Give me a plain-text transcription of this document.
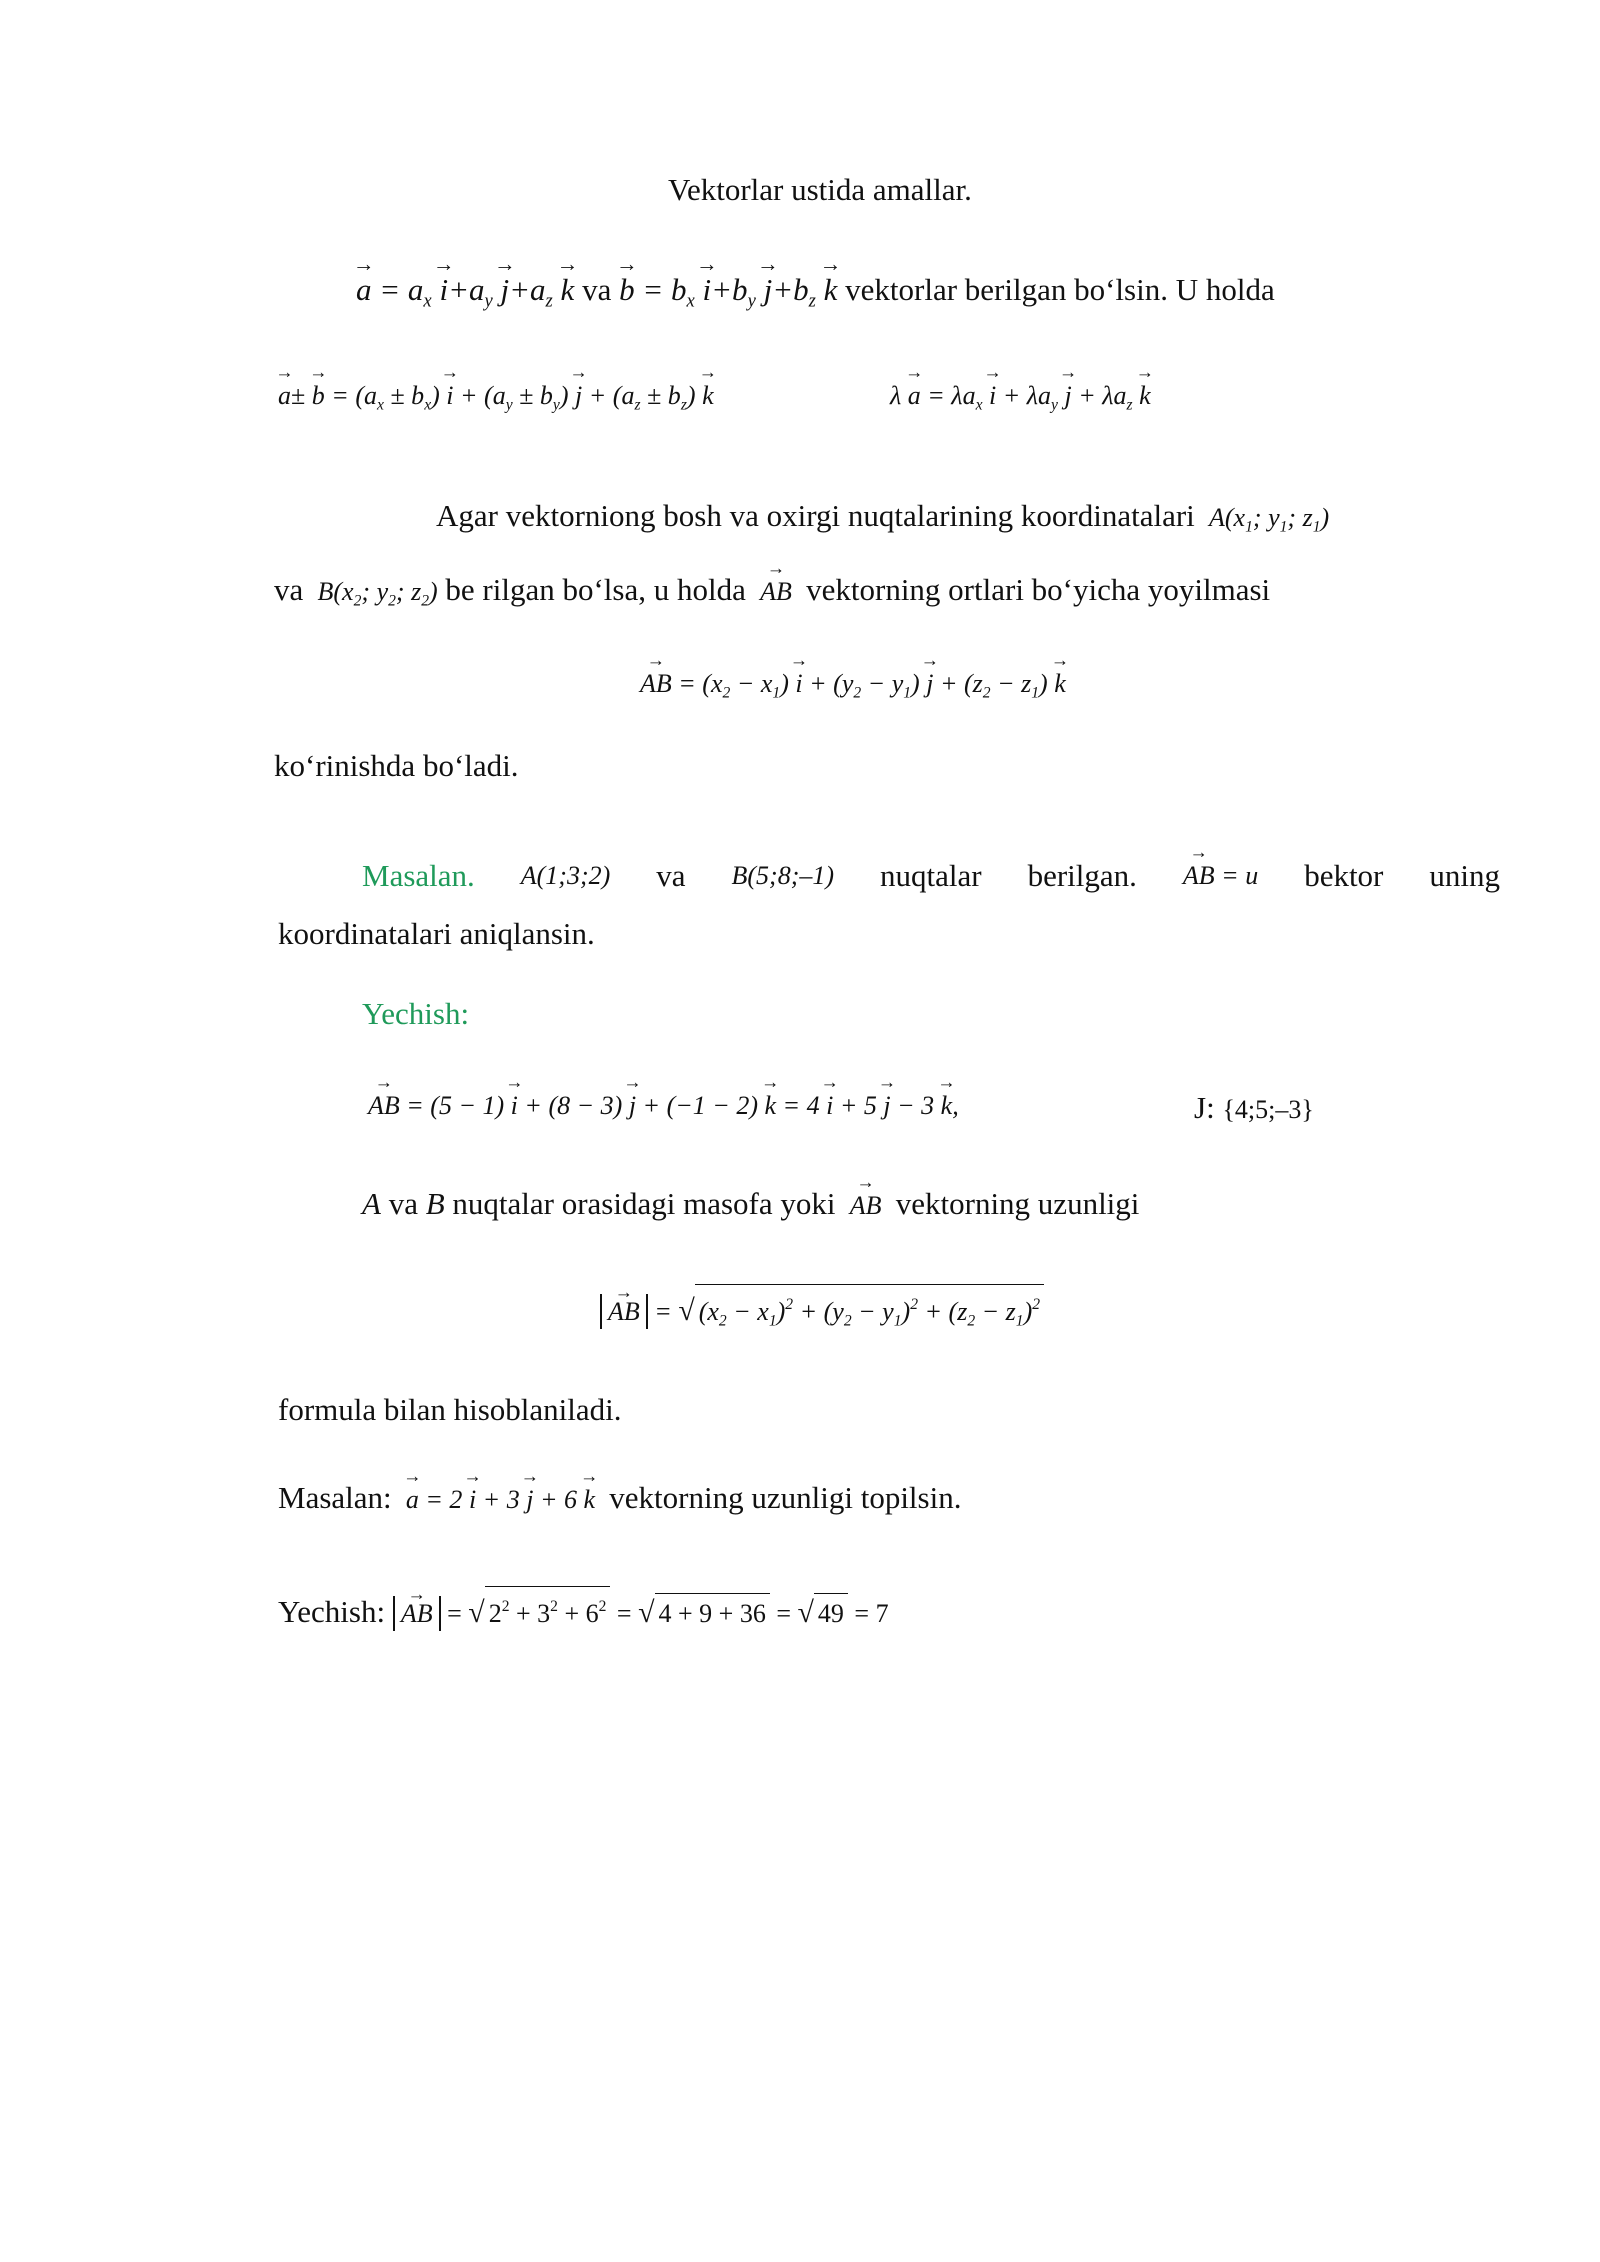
Vektorlar ustida amallar.
→ $a = a_x \to i+a_y \to j+a_z \to k$ va → $b = b_x \to i+b_y \to j+b_z \to k$ vektorlar berilgan bo‘lsin. U holda
→ $a\pm \to b = (a_x \pm b_x) \to i + (a_y \pm b_y) \to j + (a_z \pm b_z) \to k$	$\lambda \to a = \lambda a_x \to i + \lambda a_y \to j + \lambda a_z \to k$
Agar vektorniong bosh va oxirgi nuqtalarining koordinatalari  $A(x_1$; $y_1$; $z_1$)
va  $B(x_2$; $y_2$; $z_2$) be rilgan bo‘lsa, u holda → AB vektorning ortlari bo‘yicha yoyilmasi
→ AB = $(x_2 - x_1) \to i + (y_2 - y_1) \to j + (z_2 - z_1) \to k$
ko‘rinishda bo‘ladi.
Masalan. A(1;3;2) va B(5;8;–1) nuqtalar berilgan. → AB = u bektor uning
koordinatalari aniqlansin.
Yechish:
→ AB = (5 − 1) → i + (8 − 3) → j + (−1 − 2) → k = 4 → i + 5 → j − 3 → k,	J: {4;5;–3}
A va B nuqtalar orasidagi masofa yoki → AB vektorning uzunligi
→ AB = √ $(x_2 - x_1)^2 + (y_2 - y_1)^2 + (z_2 - z_1)^2$
formula bilan hisoblaniladi.
Masalan: → a = 2 → i + 3 → j + 6 → k vektorning uzunligi topilsin.
Yechish: → AB = √ $2^2 + 3^2 + 6^2$ = √ 4 + 9 + 36 = √ 49 = 7
